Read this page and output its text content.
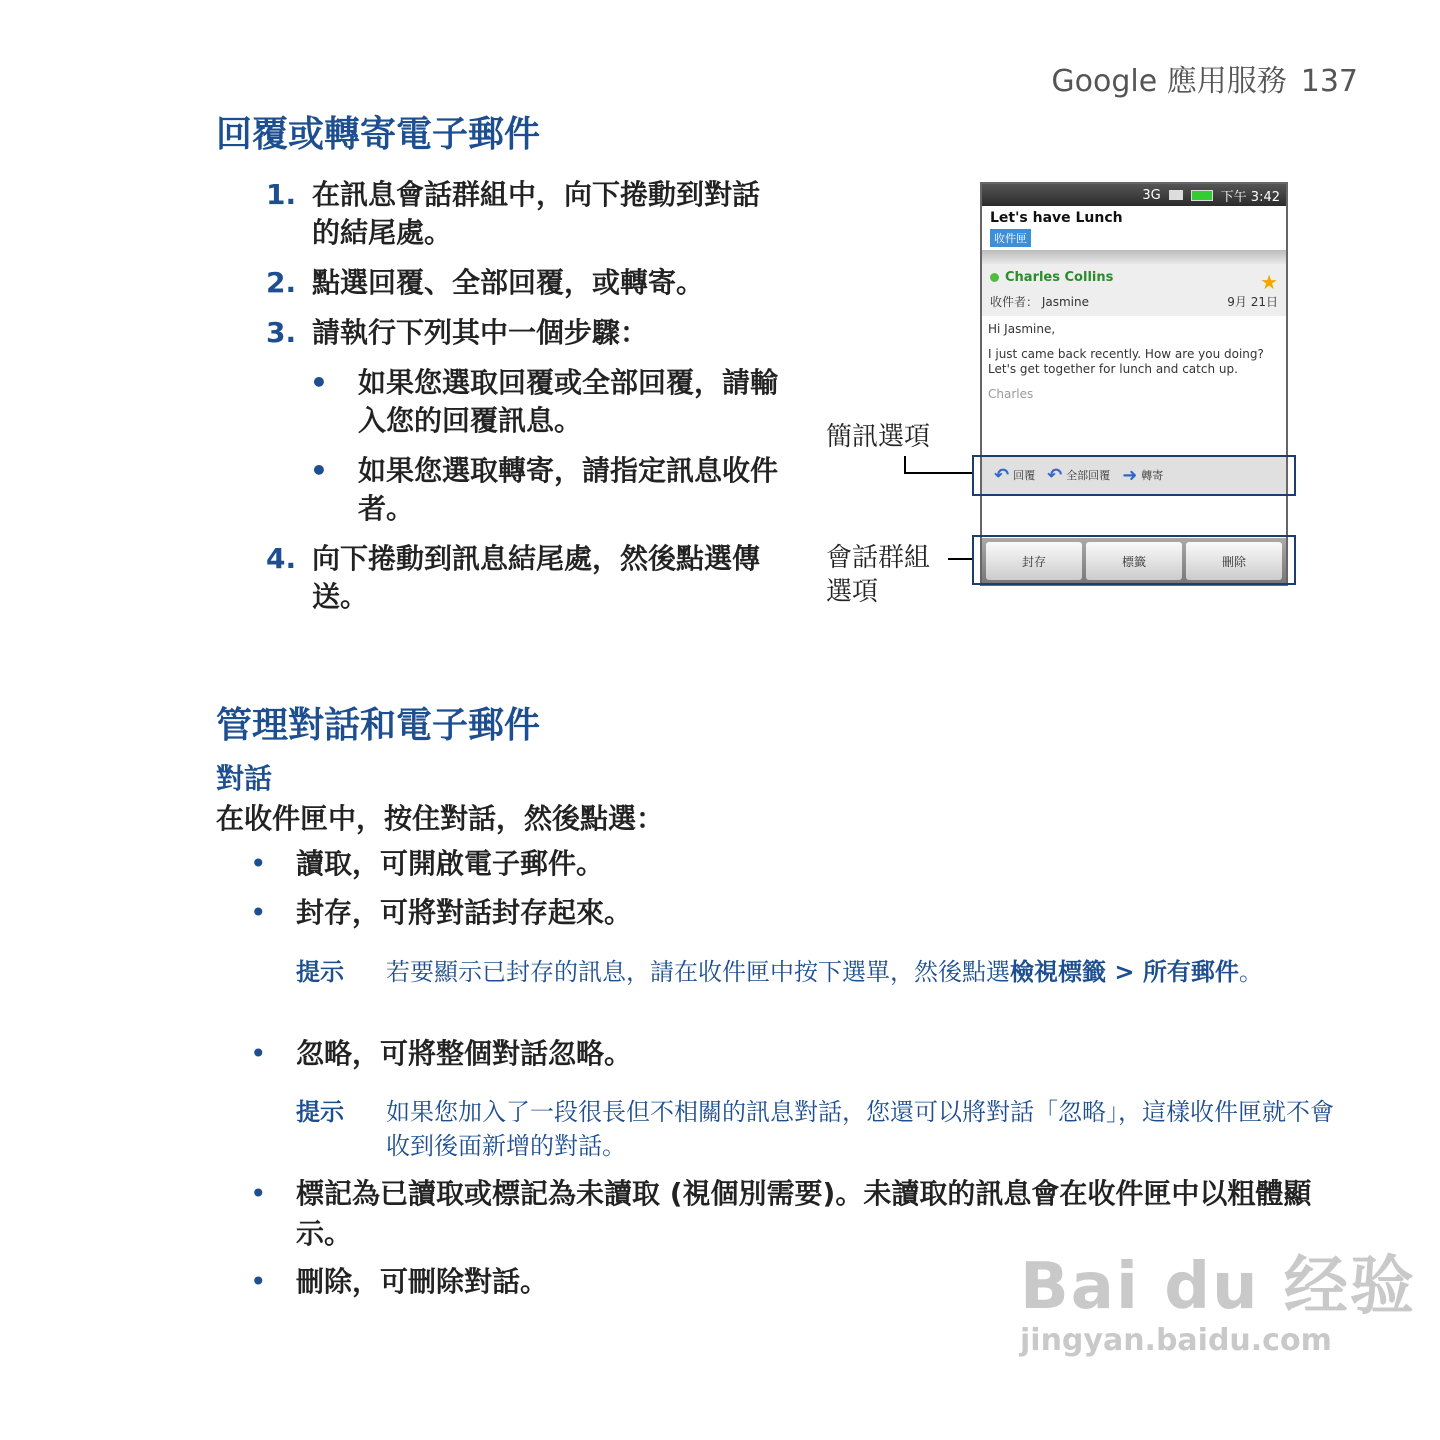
Google 應用服務 137
回覆或轉寄電子郵件
1. 在訊息會話群組中，向下捲動到對話的結尾處。
2. 點選回覆、全部回覆，或轉寄。
3. 請執行下列其中一個步驟：
• 如果您選取回覆或全部回覆，請輸入您的回覆訊息。
• 如果您選取轉寄，請指定訊息收件者。
4. 向下捲動到訊息結尾處，然後點選傳送。
簡訊選項
會話群組選項
3G	下午 3:42
Let's have Lunch
收件匣
Charles Collins	★
收件者： Jasmine	9月 21日

Hi Jasmine,

I just came back recently. How are you doing? Let's get together for lunch and catch up.

Charles

↶ 回覆 ↶ 全部回覆 ➜ 轉寄
封存	標籤	刪除
管理對話和電子郵件
對話
在收件匣中，按住對話，然後點選：
• 讀取，可開啟電子郵件。
• 封存，可將對話封存起來。
提示 若要顯示已封存的訊息，請在收件匣中按下選單，然後點選檢視標籤 > 所有郵件。
• 忽略，可將整個對話忽略。
提示 如果您加入了一段很長但不相關的訊息對話，您還可以將對話「忽略」，這樣收件匣就不會收到後面新增的對話。
• 標記為已讀取或標記為未讀取 (視個別需要)。未讀取的訊息會在收件匣中以粗體顯示。
• 刪除，可刪除對話。	Bai du 经验
jingyan.baidu.com
